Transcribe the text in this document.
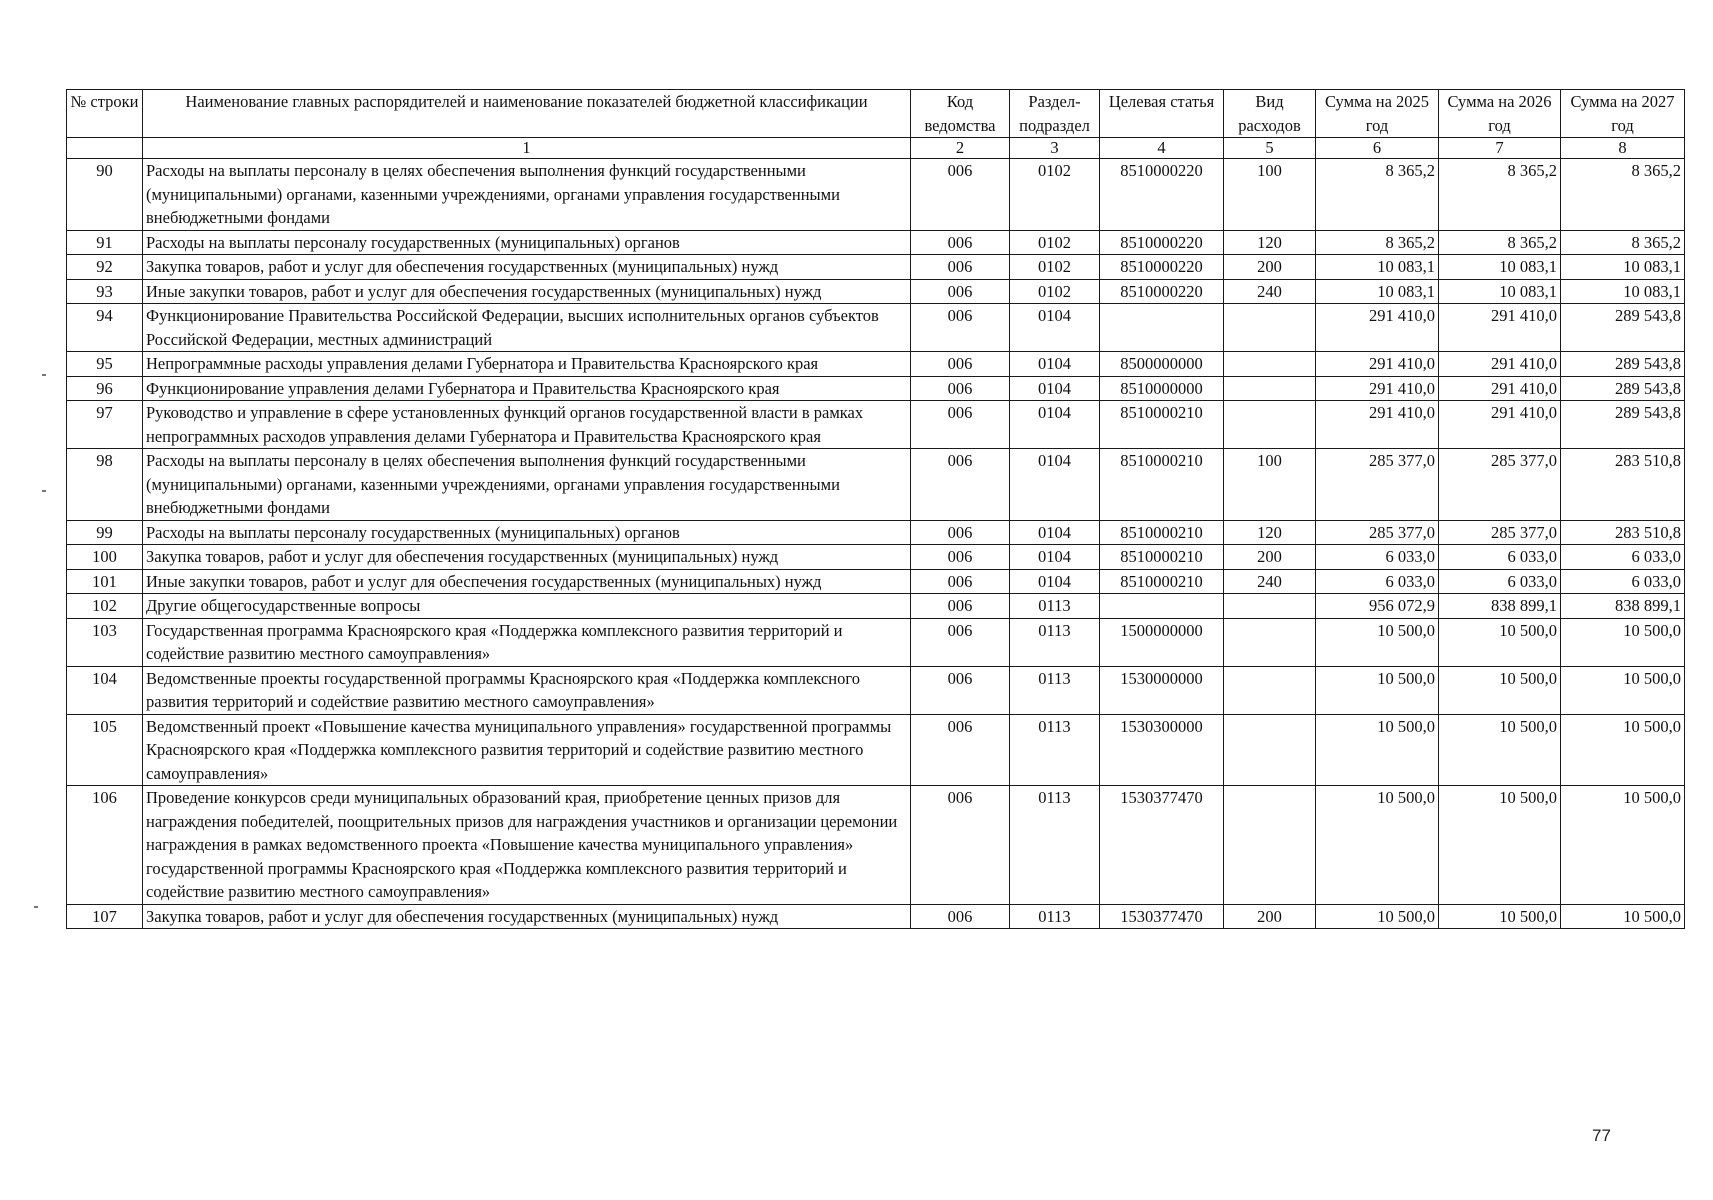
№ строки	Наименование главных распорядителей и наименование показателей бюджетной классификации	Код ведомства	Раздел-подраздел	Целевая статья	Вид расходов	Сумма на 2025 год	Сумма на 2026 год	Сумма на 2027 год
	1	2	3	4	5	6	7	8
90	Расходы на выплаты персоналу в целях обеспечения выполнения функций государственными (муниципальными) органами, казенными учреждениями, органами управления государственными внебюджетными фондами	006	0102	8510000220	100	8 365,2	8 365,2	8 365,2
91	Расходы на выплаты персоналу государственных (муниципальных) органов	006	0102	8510000220	120	8 365,2	8 365,2	8 365,2
92	Закупка товаров, работ и услуг для обеспечения государственных (муниципальных) нужд	006	0102	8510000220	200	10 083,1	10 083,1	10 083,1
93	Иные закупки товаров, работ и услуг для обеспечения государственных (муниципальных) нужд	006	0102	8510000220	240	10 083,1	10 083,1	10 083,1
94	Функционирование Правительства Российской Федерации, высших исполнительных органов субъектов Российской Федерации, местных администраций	006	0104			291 410,0	291 410,0	289 543,8
95	Непрограммные расходы управления делами Губернатора и Правительства Красноярского края	006	0104	8500000000		291 410,0	291 410,0	289 543,8
96	Функционирование управления делами Губернатора и Правительства Красноярского края	006	0104	8510000000		291 410,0	291 410,0	289 543,8
97	Руководство и управление в сфере установленных функций органов государственной власти в рамках непрограммных расходов управления делами Губернатора и Правительства Красноярского края	006	0104	8510000210		291 410,0	291 410,0	289 543,8
98	Расходы на выплаты персоналу в целях обеспечения выполнения функций государственными (муниципальными) органами, казенными учреждениями, органами управления государственными внебюджетными фондами	006	0104	8510000210	100	285 377,0	285 377,0	283 510,8
99	Расходы на выплаты персоналу государственных (муниципальных) органов	006	0104	8510000210	120	285 377,0	285 377,0	283 510,8
100	Закупка товаров, работ и услуг для обеспечения государственных (муниципальных) нужд	006	0104	8510000210	200	6 033,0	6 033,0	6 033,0
101	Иные закупки товаров, работ и услуг для обеспечения государственных (муниципальных) нужд	006	0104	8510000210	240	6 033,0	6 033,0	6 033,0
102	Другие общегосударственные вопросы	006	0113			956 072,9	838 899,1	838 899,1
103	Государственная программа Красноярского края «Поддержка комплексного развития территорий и содействие развитию местного самоуправления»	006	0113	1500000000		10 500,0	10 500,0	10 500,0
104	Ведомственные проекты государственной программы Красноярского края «Поддержка комплексного развития территорий и содействие развитию местного самоуправления»	006	0113	1530000000		10 500,0	10 500,0	10 500,0
105	Ведомственный проект «Повышение качества муниципального управления» государственной программы Красноярского края «Поддержка комплексного развития территорий и содействие развитию местного самоуправления»	006	0113	1530300000		10 500,0	10 500,0	10 500,0
106	Проведение конкурсов среди муниципальных образований края, приобретение ценных призов для награждения победителей, поощрительных призов для награждения участников и организации церемонии награждения в рамках ведомственного проекта «Повышение качества муниципального управления» государственной программы Красноярского края «Поддержка комплексного развития территорий и содействие развитию местного самоуправления»	006	0113	1530377470		10 500,0	10 500,0	10 500,0
107	Закупка товаров, работ и услуг для обеспечения государственных (муниципальных) нужд	006	0113	1530377470	200	10 500,0	10 500,0	10 500,0
77
